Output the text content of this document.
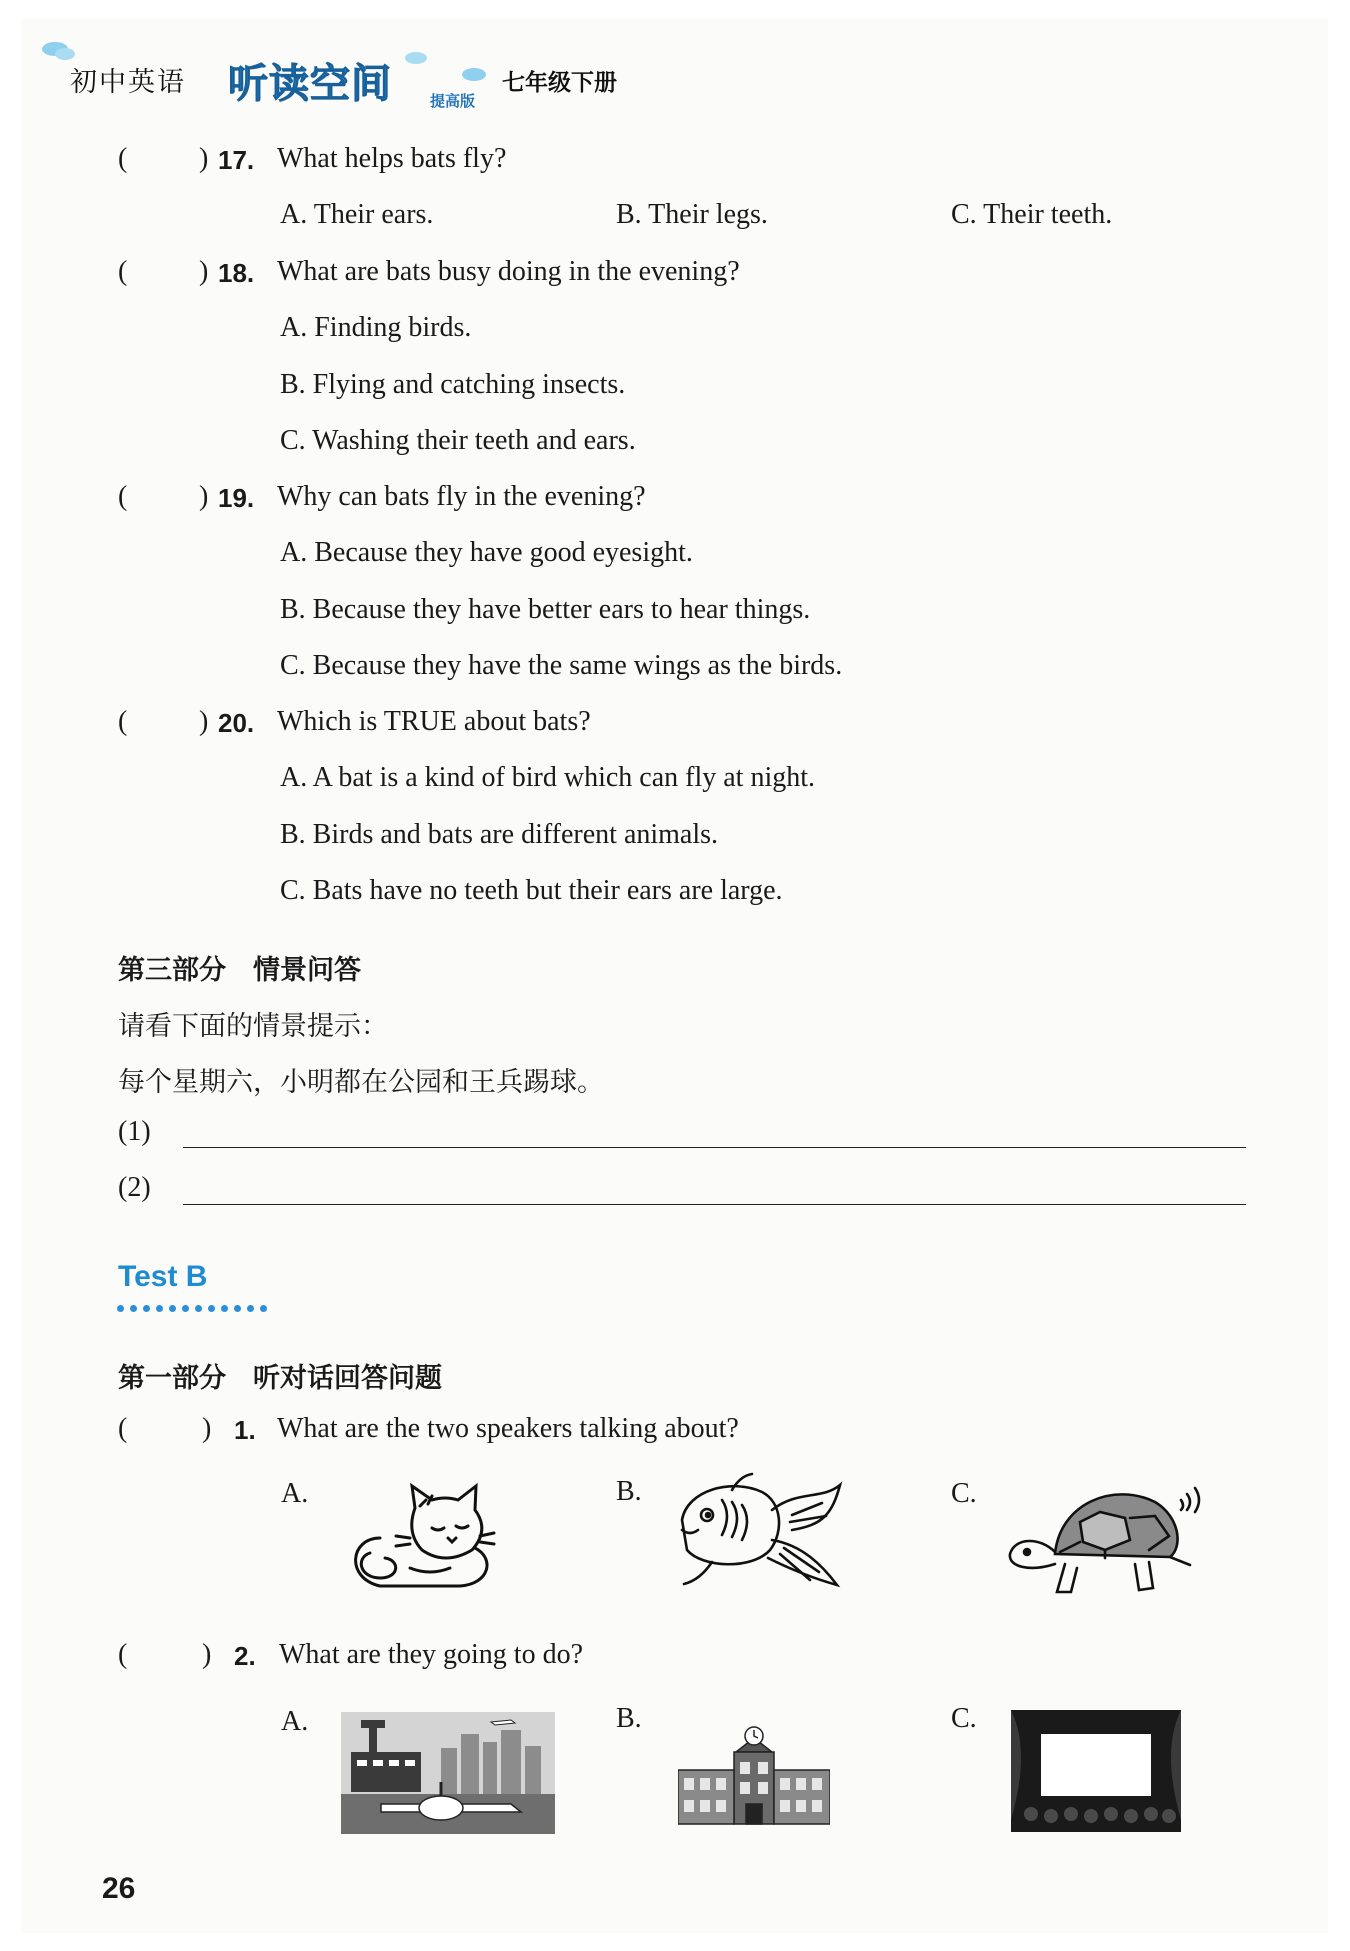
初中英语 听读空间	提高版
七年级下册
(	) 17. What helps bats fly?
A. Their ears.	B. Their legs.	C. Their teeth.
(	) 18. What are bats busy doing in the evening?
A. Finding birds.
B. Flying and catching insects.
C. Washing their teeth and ears.
(	) 19. Why can bats fly in the evening?
A. Because they have good eyesight.
B. Because they have better ears to hear things.
C. Because they have the same wings as the birds.
(	) 20. Which is TRUE about bats?
A. A bat is a kind of bird which can fly at night.
B. Birds and bats are different animals.
C. Bats have no teeth but their ears are large.
第三部分　情景问答
请看下面的情景提示：
每个星期六，小明都在公园和王兵踢球。
(1)
(2)
Test B
第一部分　听对话回答问题
(	) 1. What are the two speakers talking about?
A.	B.	C.
(	) 2. What are they going to do?
A.	B.	C.
26
